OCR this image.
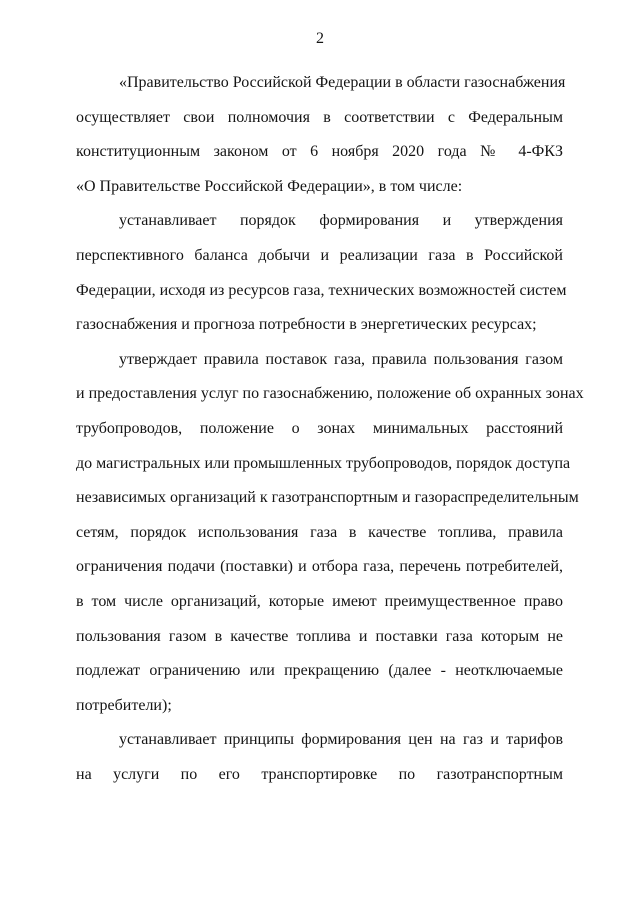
2
«Правительство Российской Федерации в области газоснабжения
осуществляет свои полномочия в соответствии с Федеральным
конституционным законом от 6 ноября 2020 года № 4-ФКЗ
«О Правительстве Российской Федерации», в том числе:
устанавливает порядок формирования и утверждения
перспективного баланса добычи и реализации газа в Российской
Федерации, исходя из ресурсов газа, технических возможностей систем
газоснабжения и прогноза потребности в энергетических ресурсах;
утверждает правила поставок газа, правила пользования газом
и предоставления услуг по газоснабжению, положение об охранных зонах
трубопроводов, положение о зонах минимальных расстояний
до магистральных или промышленных трубопроводов, порядок доступа
независимых организаций к газотранспортным и газораспределительным
сетям, порядок использования газа в качестве топлива, правила
ограничения подачи (поставки) и отбора газа, перечень потребителей,
в том числе организаций, которые имеют преимущественное право
пользования газом в качестве топлива и поставки газа которым не
подлежат ограничению или прекращению (далее - неотключаемые
потребители);
устанавливает принципы формирования цен на газ и тарифов
на услуги по его транспортировке по газотранспортным
